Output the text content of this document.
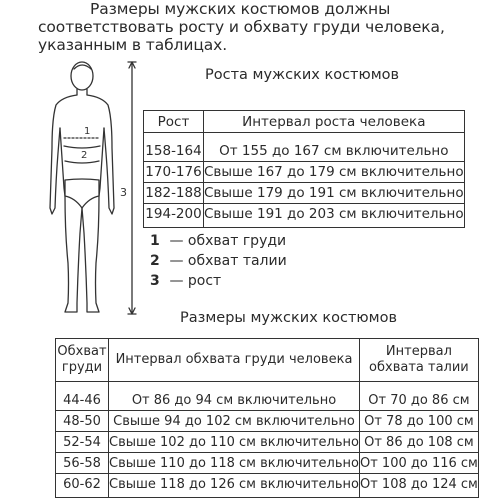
Размеры мужских костюмов должны соответствовать росту и обхвату груди человека, указанным в таблицах.
1
2
3
Роста мужских костюмов
Рост	Интервал роста человека
158-164	От 155 до 167 см включительно
170-176	Свыше 167 до 179 см включительно
182-188	Свыше 179 до 191 см включительно
194-200	Свыше 191 до 203 см включительно
1 — обхват груди
2 — обхват талии
3 — рост
Размеры мужских костюмов
Обхват груди	Интервал обхвата груди человека	Интервал обхвата талии
44-46	От 86 до 94 см включительно	От 70 до 86 см
48-50	Свыше 94 до 102 см включительно	От 78 до 100 см
52-54	Свыше 102 до 110 см включительно	От 86 до 108 см
56-58	Свыше 110 до 118 см включительно	От 100 до 116 см
60-62	Свыше 118 до 126 см включительно	От 108 до 124 см
